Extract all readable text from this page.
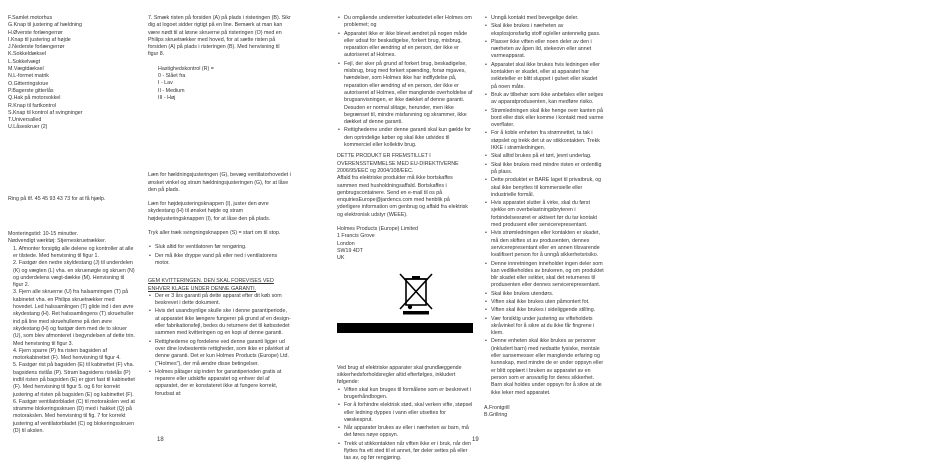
F.Samlet motorhus
G.Knap til justering af hældning
H.Øverste forlængerrør
I.Knap til justering af højde
J.Nederste forlængerrør
K.Sokkeldæksel
L.Sokkelvægt
M.Vægtdæksel
N.L-formet matrik
O.Gitterringskrue
P.Bagerste gitterlås
Q.Hak på motorsokkel
R.Knap til fartkontrol
S.Knap til kontrol af svingninger
T.Universalled
U.Låseskruer (2)
Ring på tlf. 45 45 93 43 73 for at få hjælp.
Monteringstid: 10-15 minutter.
Nødvendigt værktøj: Stjerneskruetrækker.
1. Afmonter forsigtig alle delene og kontroller at alle er tilstede. Med henvisning til figur 1.
2. Fastgør den nedre skyldestang (J) til underdelen (K) og vægten (L) vha. en skruenøgle og skruen (N) og underdelens vægt-dække (M). Henvisning til figur 2.
3. Fjern alle skruerne (U) fra halsamringen (T) på kabinetet vha. en Philips skruetrækker med hovedet. Led halssamlingen (T) glide ind i den øvre skydestang (H). Ret halssamlingens (T) skruehuller ind på line med skruehullerne på den øvre skydestang (H) og fastgør dem med de to skruer (U), som blev afmonteret i begyndelsen af dette trin. Med henvisning til figur 3.
4. Fjern sparre (P) fra risten bagsiden af motorkabinettet (F). Med henvisning til figur 4.
5. Fastgør rist på bagsiden (E) til kabinettet (F) vha. bagsidens ristlås (P). Stram bagsidens ristelås (P) indtil risten på bagsiden (E) er gjort fast til kabinettet (F). Med henvisning til figur 5. og 6 for korrekt justering af risten på bagsiden (E) og kabinettet (F).
6. Fastgør ventilatorbladet (C) til motorakslen ved at stramme blokeringsskruen (D) med i hakket (Q) på motorakslen. Med henvisning til fig. 7 for korrekt justering af ventilatorbladet (C) og blokeringsskruen (D) til akslen.
18
7. Smæk risten på forsiden (A) på plads i risteringen (B). Sikr dig at logoet sidder rigtigt på en line. Bemærk at man kan være nødt til at løsne skruerne på risteringen (O) med en Philips skruetrækker med hoved, for at sætte risten på forsiden (A) på plads i risteringen (B). Med henvisning til figur 8.
Hastighedskontrol (R) =
0 - Slået fra
I - Lav
II - Medium
III - Høj
Læn for hældningsjusteringen (G), bevæg ventilatorhovedet i ønsket vinkel og stram hældningsjusteringen (G), for at låse den på plads.
Læn for højdejusteringsknappen (I), juster den øvre skydestang (H) til ønsket højde og stram højdejusteringsknappen (I), for at låse den på plads.
Tryk aller træk svingningsknappen (S) = start om til stop.
• Sluk altid for ventilatoren før rengøring.
• Der må ikke dryppe vand på eller ned i ventilatorens motor.
GEM KVITTERINGEN. DEN SKAL FOREVISES VED ENHVER KLAGE UNDER DENNE GARANTI.
• Der er 3 års garanti på dette apparat efter dit køb som beskrevet i dette dokument.
• Hvis det usandsynlige skulle ske i denne garantiperiode, at apparatet ikke længere fungerer på grund af en design- eller fabrikationsfejl, bedes du returnere det til købsstedet sammen med kvitteringen og en kopi af denne garanti.
• Rettighederne og fordelene ved denne garanti ligger ud over dine lovbestemte rettigheder, som ikke er påvirket af denne garanti. Det er kun Holmes Products (Europe) Ltd. ("Holmes"), der må ændre disse betingelser.
• Holmes påtager sig inden for garantiperioden gratis at reparere eller udskifte apparatet og enhver del af apparatet, der er konstateret ikke at fungere korrekt, forudsat at:
• Du omgående underretter købsstedet eller Holmes om problemet; og
• Apparatet ikke er ikke blevet ændret på nogen måde eller udsat for beskadigelse, forkert brug, misbrug, reparation eller ændring af en person, der ikke er autoriseret af Holmes.
• Fejl, der sker på grund af forkert brug, beskadigelse, misbrug, brug med forkert spænding, forsø mgaves, hændelser, som Holmes ikke har indflydelse på, reparation eller ændring af en person, der ikke er autoriseret af Holmes, eller manglende overholdelse af brugsanvisningen, er ikke dækket af denne garanti. Desuden er normal slitage, herunder, men ikke begrænset til, mindre misfarvning og skrammer, ikke dækket af denne garanti.
• Rettighederne under denne garanti skal kun gælde for den oprindelige køber og skal ikke udvides til kommerciel eller kollektiv brug.
DETTE PRODUKT ER FREMSTILLET I OVERENSSTEMMELSE MED EU-DIREKTIVERNE 2006/95/EEC og 2004/108/EEC.
Affald fra elektriske produkter må ikke bortskaffes sammen med husholdningsaffald. Bortskaffes i genbrugscontainere. Send en e-mail til os på enquiriesEurope@jardencs.com med henblik på yderligere information om genbrug og affald fra elektrisk og elektronisk udstyr (WEEE).
Holmes Products (Europe) Limited
1 Francis Grove
London
SW19 4DT
UK
Ved brug af elektriske apparater skal grundlæggende sikkerhedsforholdsregler altid efterfølges, inkludert følgende:
• Viften skal kun bruges til formålene som er beskrevet i brugerhåndbogen.
• For å forhindre elektrisk stød, skal verken vifte, støpsel eller ledning dyppes i vann eller utsettes for væskesprut.
• Når apparater brukes av eller i nærheten av barn, må det føres nøye oppsyn.
• Trekk ut stikkontakten når viften ikke er i bruk, når den flyttes fra ett sted til et annet, før deler settes på eller tas av, og før rengjøring.
19
• Unngå kontakt med bevegelige deler.
• Skal ikke brukes i nærheten av eksplosjonsfarlig stoff og/eller antennelig gass.
• Plasser ikke viften eller noen deler av den i nærheten av åpen ild, stekeovn eller annet varmeapparat.
• Apparatet skal ikke brukes hvis ledningen eller kontakten er skadet, eller at apparatet har svikteteller er blitt sluppet i gulvet eller skadet på noen måte.
• Bruk av tilbehør som ikke anbefales eller selges av apparatprodusenten, kan medføre risiko.
• Strømledningen skal ikke henge over kanten på bord eller disk eller komme i kontakt med varme overflater.
• For å koble enheten fra strømnettet, ta tak i støpslet og trekk det ut av stikkontakten. Trekk IKKE i strømledningen.
• Skal alltid brukes på et tørt, jevnt underlag.
• Skal ikke brukes med mindre risten er ordentlig på plass.
• Dette produktet er BARE laget til privatbruk, og skal ikke benyttes til kommersielle eller industrielle formål.
• Hvis apparatet slutter å virke, skal du først sjekke om overbelastningsbryteren i forbindelsesrøret er aktivert før du tar kontakt med produsent eller servicerepresentant.
• Hvis strømledningen eller kontakten er skadet, må den skiftes ut av produsenten, dennes servicerepresentant eller en annen tilsvarende kvalifisert person for å unngå sikkerhetsrisiko.
• Denne innretningen inneholder ingen deler som kan vedlikeholdes av brukeren, og om produktet blir skadet eller svikter, skal det returneres til produsenten eller dennes servicerepresentant.
• Skal ikke brukes utendørs.
• Viften skal ikke brukes uten påmontert fot.
• Viften skal ikke brukes i sideliggende stilling.
• Vær forsiktig under justering av vifteholdets skråvinkel for å sikre at du ikke får fingrene i klem.
• Denne enheten skal ikke brukes av personer (inkludert barn) med nedsatte fysiske, mentale eller sansemesser eller manglende erfaring og kunnskap, med mindre de er under oppsyn eller er blitt opplært i bruken av apparatet av en person som er ansvarlig for deres sikkerhet. Barn skal holdes under oppsyn for å sikre at de ikke leker med apparatet.
A.Frontgrill
B.Grillring
